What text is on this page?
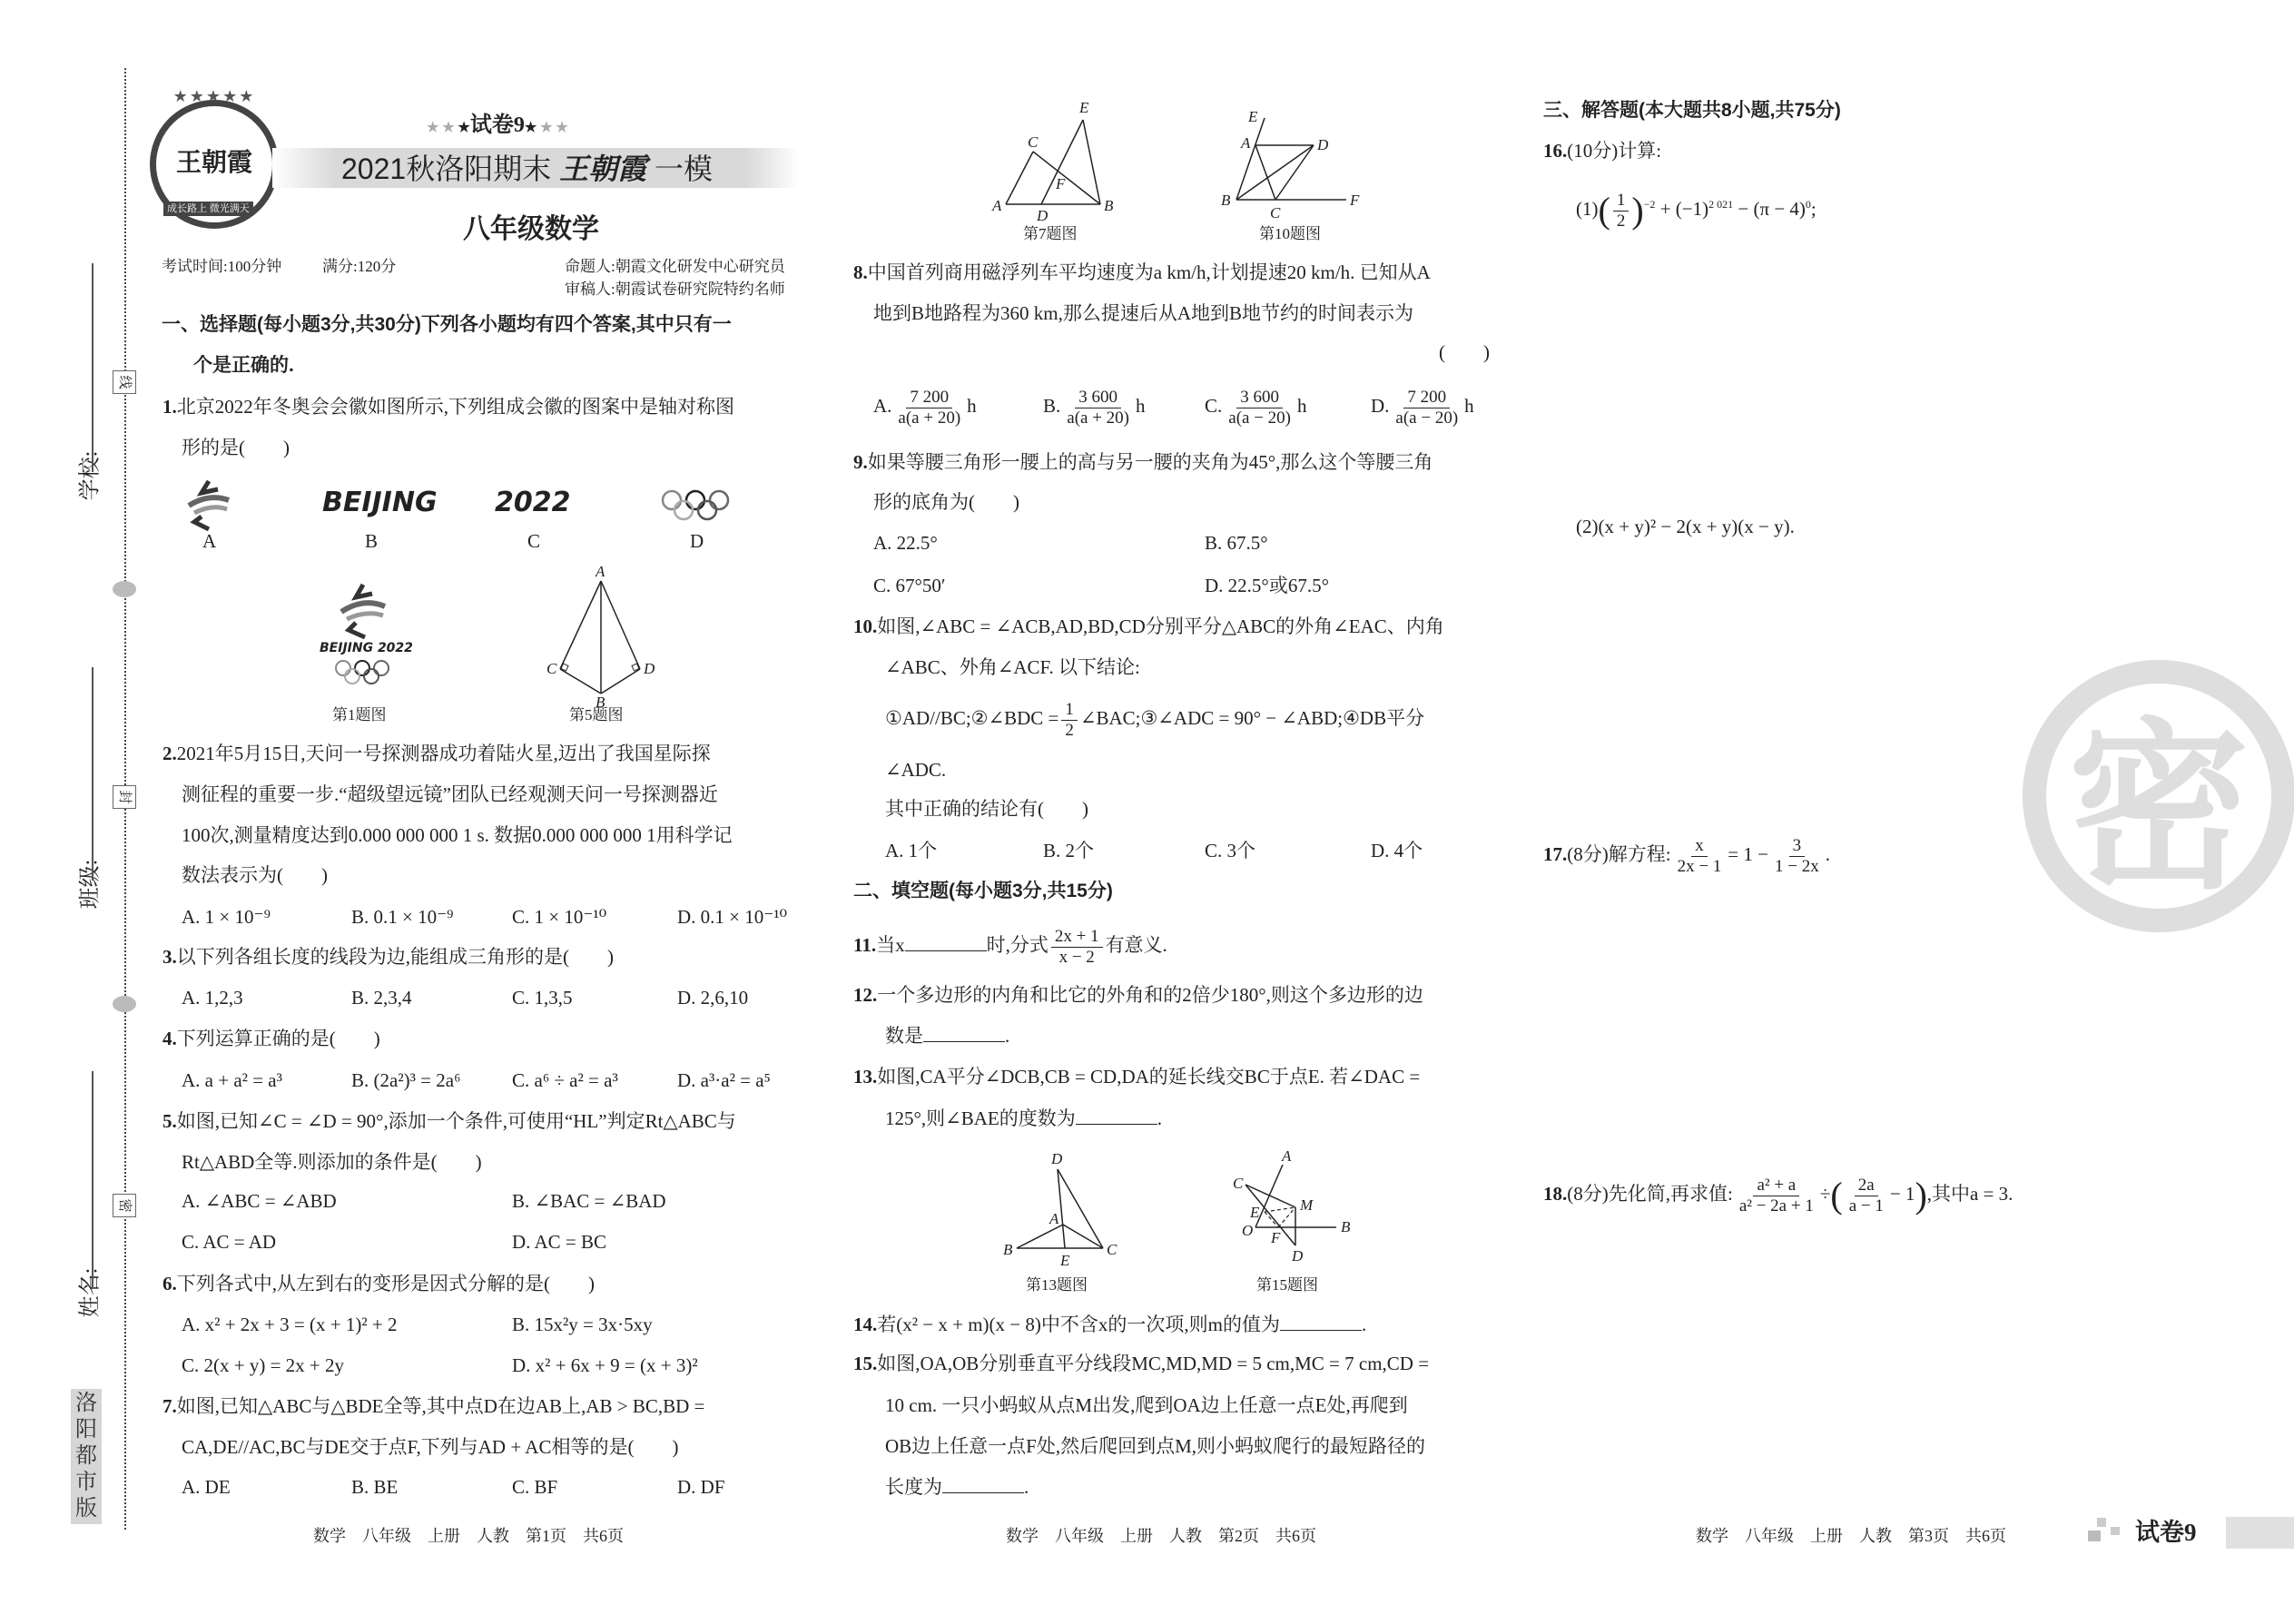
学校:
班级:
姓名:
线
封
密
洛阳都市版
王朝霞
★★★★★
成长路上 微光满天
★ ★ ★试卷9★ ★ ★
2021秋洛阳期末 王朝霞 一模
八年级数学
考试时间:100分钟	满分:120分	命题人:朝霞文化研发中心研究员
审稿人:朝霞试卷研究院特约名师
一、选择题(每小题3分,共30分)下列各小题均有四个答案,其中只有一
个是正确的.
1.北京2022年冬奥会会徽如图所示,下列组成会徽的图案中是轴对称图
形的是(　　)
BEIJING 2022
A	B	C	D
BEIJING 2022
第1题图
A
C	D
B
第5题图
2.2021年5月15日,天问一号探测器成功着陆火星,迈出了我国星际探
测征程的重要一步.“超级望远镜”团队已经观测天问一号探测器近
100次,测量精度达到0.000 000 000 1 s. 数据0.000 000 000 1用科学记
数法表示为(　　)
A. 1 × 10⁻⁹	B. 0.1 × 10⁻⁹	C. 1 × 10⁻¹⁰	D. 0.1 × 10⁻¹⁰
3.以下列各组长度的线段为边,能组成三角形的是(　　)
A. 1,2,3	B. 2,3,4	C. 1,3,5	D. 2,6,10
4.下列运算正确的是(　　)
A. a + a² = a³	B. (2a²)³ = 2a⁶	C. a⁶ ÷ a² = a³	D. a³·a² = a⁵
5.如图,已知∠C = ∠D = 90°,添加一个条件,可使用“HL”判定Rt△ABC与
Rt△ABD全等.则添加的条件是(　　)
A. ∠ABC = ∠ABD	B. ∠BAC = ∠BAD
C. AC = AD	D. AC = BC
6.下列各式中,从左到右的变形是因式分解的是(　　)
A. x² + 2x + 3 = (x + 1)² + 2	B. 15x²y = 3x·5xy
C. 2(x + y) = 2x + 2y	D. x² + 6x + 9 = (x + 3)²
7.如图,已知△ABC与△BDE全等,其中点D在边AB上,AB > BC,BD =
CA,DE//AC,BC与DE交于点F,下列与AD + AC相等的是(　　)
A. DE	B. BE	C. BF	D. DF
数学　八年级　上册　人教　第1页　共6页
E
C
F
A
D
B
第7题图
E
A	D
B
C
F
第10题图
8.中国首列商用磁浮列车平均速度为a km/h,计划提速20 km/h. 已知从A
地到B地路程为360 km,那么提速后从A地到B地节约的时间表示为
(　　)
A. $\frac{7 200}{a(a + 20)}$ h	B. $\frac{3 600}{a(a + 20)}$ h	C. $\frac{3 600}{a(a - 20)}$ h	D. $\frac{7 200}{a(a - 20)}$ h
9.如果等腰三角形一腰上的高与另一腰的夹角为45°,那么这个等腰三角
形的底角为(　　)
A. 22.5°	B. 67.5°
C. 67°50′	D. 22.5°或67.5°
10.如图,∠ABC = ∠ACB,AD,BD,CD分别平分△ABC的外角∠EAC、内角
∠ABC、外角∠ACF. 以下结论:
①AD//BC;②∠BDC = $\frac{1}{2}$ ∠BAC;③∠ADC = 90° − ∠ABD;④DB平分
∠ADC.
其中正确的结论有(　　)
A. 1个	B. 2个	C. 3个	D. 4个
二、填空题(每小题3分,共15分)
11.当x	时,分式 $\frac{2x + 1}{x - 2}$ 有意义.
12.一个多边形的内角和比它的外角和的2倍少180°,则这个多边形的边
数是	.
13.如图,CA平分∠DCB,CB = CD,DA的延长线交BC于点E. 若∠DAC =
125°,则∠BAE的度数为	.
D
A
B	C
E
第13题图
A
C
M
E
O F
B
D
第15题图
14.若(x² − x + m)(x − 8)中不含x的一次项,则m的值为	.
15.如图,OA,OB分别垂直平分线段MC,MD,MD = 5 cm,MC = 7 cm,CD =
10 cm. 一只小蚂蚁从点M出发,爬到OA边上任意一点E处,再爬到
OB边上任意一点F处,然后爬回到点M,则小蚂蚁爬行的最短路径的
长度为	.
数学　八年级　上册　人教　第2页　共6页
密
三、解答题(本大题共8小题,共75分)
16.(10分)计算:
$(1)( \frac{1}{2} )^{-2} + (-1)^{2 021} - (\pi - 4)^0$;
(2)(x + y)² − 2(x + y)(x − y).
17.(8分)解方程: $\frac{x}{2x - 1} = 1 - \frac{3}{1 - 2x}$ .
18.(8分)先化简,再求值: $\frac{\text{a² + a}}{\text{a² − 2a + 1}}$ ÷( $\frac{2a}{a - 1} - 1$),其中a = 3.
数学　八年级　上册　人教　第3页　共6页	试卷9
